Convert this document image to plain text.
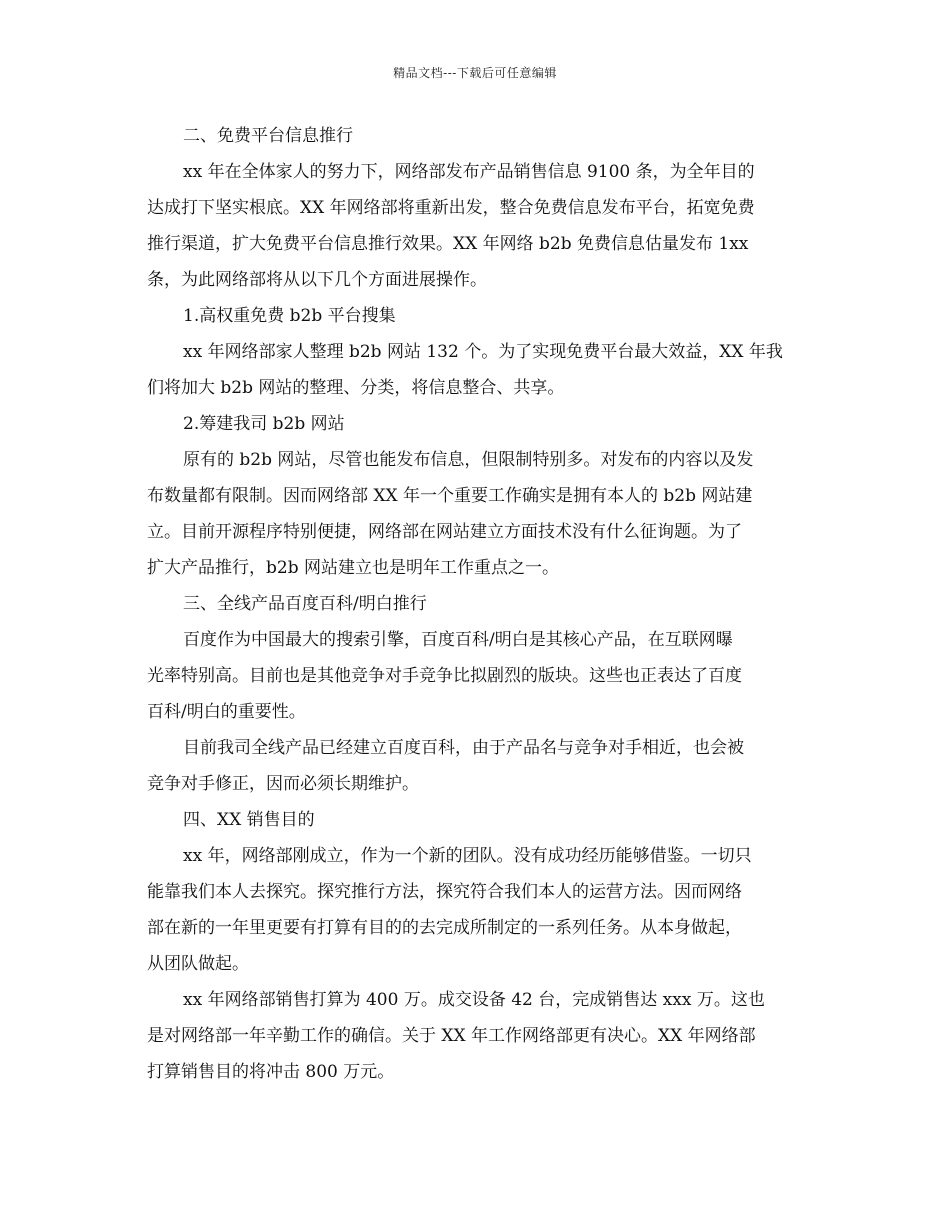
精品文档---下载后可任意编辑

二、免费平台信息推行

xx 年在全体家人的努力下，网络部发布产品销售信息 9100 条，为全年目的
达成打下坚实根底。XX 年网络部将重新出发，整合免费信息发布平台，拓宽免费
推行渠道，扩大免费平台信息推行效果。XX 年网络 b2b 免费信息估量发布 1xx
条，为此网络部将从以下几个方面进展操作。

1.高权重免费 b2b 平台搜集

xx 年网络部家人整理 b2b 网站 132 个。为了实现免费平台最大效益，XX 年我
们将加大 b2b 网站的整理、分类，将信息整合、共享。

2.筹建我司 b2b 网站

原有的 b2b 网站，尽管也能发布信息，但限制特别多。对发布的内容以及发
布数量都有限制。因而网络部 XX 年一个重要工作确实是拥有本人的 b2b 网站建
立。目前开源程序特别便捷，网络部在网站建立方面技术没有什么征询题。为了
扩大产品推行，b2b 网站建立也是明年工作重点之一。

三、全线产品百度百科/明白推行

百度作为中国最大的搜索引擎，百度百科/明白是其核心产品，在互联网曝
光率特别高。目前也是其他竞争对手竞争比拟剧烈的版块。这些也正表达了百度
百科/明白的重要性。

目前我司全线产品已经建立百度百科，由于产品名与竞争对手相近，也会被
竞争对手修正，因而必须长期维护。

四、XX 销售目的

xx 年，网络部刚成立，作为一个新的团队。没有成功经历能够借鉴。一切只
能靠我们本人去探究。探究推行方法，探究符合我们本人的运营方法。因而网络
部在新的一年里更要有打算有目的的去完成所制定的一系列任务。从本身做起，
从团队做起。

xx 年网络部销售打算为 400 万。成交设备 42 台，完成销售达 xxx 万。这也
是对网络部一年辛勤工作的确信。关于 XX 年工作网络部更有决心。XX 年网络部
打算销售目的将冲击 800 万元。
